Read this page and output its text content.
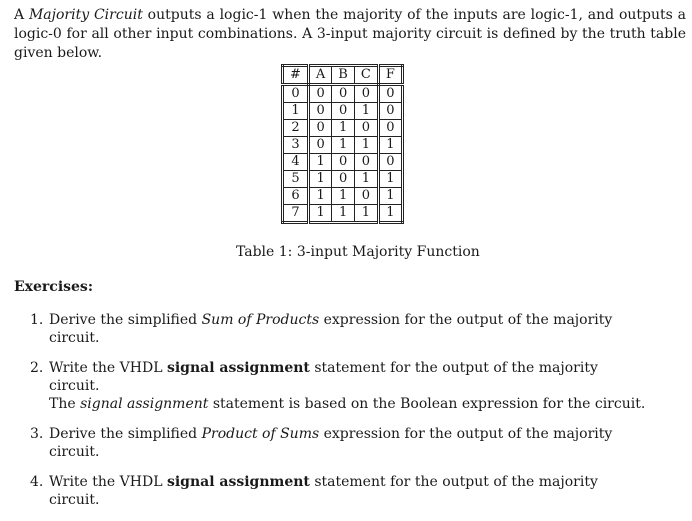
A Majority Circuit outputs a logic-1 when the majority of the inputs are logic-1, and outputs a logic-0 for all other input combinations. A 3-input majority circuit is defined by the truth table given below.

#	A	B	C	F
0	0	0	0	0
1	0	0	1	0
2	0	1	0	0
3	0	1	1	1
4	1	0	0	0
5	1	0	1	1
6	1	1	0	1
7	1	1	1	1

Table 1: 3-input Majority Function

Exercises:

1. Derive the simplified Sum of Products expression for the output of the majority circuit.
2. Write the VHDL signal assignment statement for the output of the majority circuit.
The signal assignment statement is based on the Boolean expression for the circuit.
3. Derive the simplified Product of Sums expression for the output of the majority circuit.
4. Write the VHDL signal assignment statement for the output of the majority circuit.
